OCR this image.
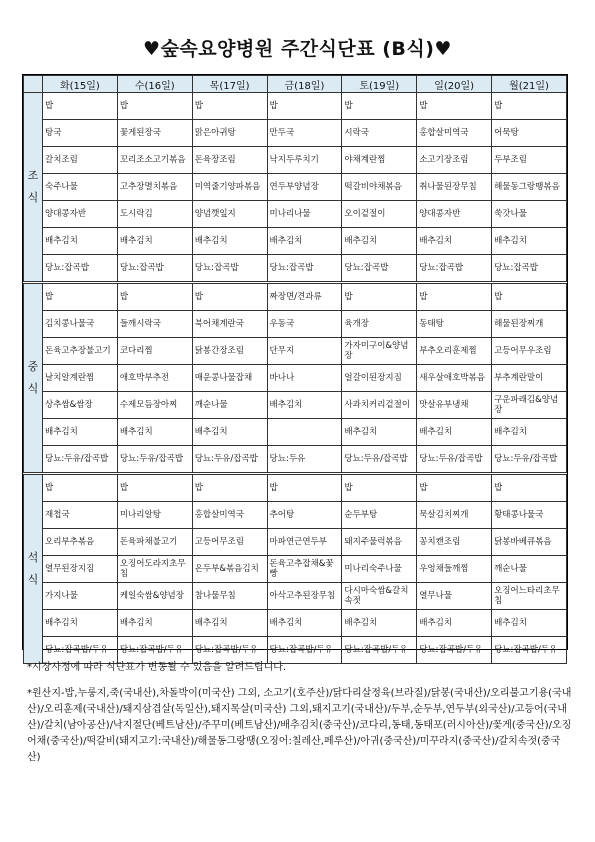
♥숲속요양병원 주간식단표 (B식)♥
	화(15일)	수(16일)	목(17일)	금(18일)	토(19일)	일(20일)	월(21일)

조
식	밥	밥	밥	밥	밥	밥	밥
	탕국	꽃게된장국	맑은아귀탕	만두국	시락국	홍합살미역국	어묵탕
	갈치조림	꼬리조소고기볶음	돈육장조림	낙지두루치기	야채계란찜	소고기장조림	두부조림
	숙주나물	고추장멸치볶음	미역줄기양파볶음	연두부양념장	떡갈비야채볶음	취나물된장무침	해물동그랑땡볶음
	양대콩자반	도시락김	양념깻잎지	미나리나물	오이겉절이	양대콩자반	쑥갓나물
	배추김치	배추김치	배추김치	배추김치	배추김치	배추김치	배추김치
	당뇨:잡곡밥	당뇨:잡곡밥	당뇨:잡곡밥	당뇨:잡곡밥	당뇨:잡곡밥	당뇨:잡곡밥	당뇨:잡곡밥

중
식	밥	밥	밥	짜장면/견과류	밥	밥	밥
	김치콩나물국	들깨시락국	북어채계란국	우동국	육개장	동태탕	해물된장찌개
	돈육고추장불고기	코다리찜	닭봉간장조림	단무지	가자미구이&양념장	부추오리훈제찜	고등어무우조림
	날치알계란찜	애호박부추전	매운콩나물잡채	바나나	얼갈이된장지짐	새우살애호박볶음	부추계란말이
	상추쌈&쌈장	수제모듬장아찌	깨순나물	배추김치	사과치커리겉절이	맛살유부냉채	구운파래김&양념장
	배추김치	배추김치	배추김치		배추김치	배추김치	배추김치
	당뇨:두유/잡곡밥	당뇨:두유/잡곡밥	당뇨:두유/잡곡밥	당뇨:두유	당뇨:두유/잡곡밥	당뇨:두유/잡곡밥	당뇨:두유/잡곡밥

석
식	밥	밥	밥	밥	밥	밥	밥
	재첩국	미나리알탕	홍합살미역국	추어탕	순두부탕	묵살김치찌개	황태콩나물국
	오리부추볶음	돈육파채불고기	고등어무조림	마파연근연두부	돼지주물럭볶음	꽁치캔조림	닭봉바베큐볶음
	열무된장지짐	오징어도라지초무침	온두부&볶음김치	돈육고추잡채&꽃빵	미나리숙주나물	우엉채들깨찜	깨순나물
	가지나물	케일숙쌈&양념장	참나물무침	아삭고추된장무침	다시마숙쌈&갈치속젓	열무나물	오징어느타리초무침
	배추김치	배추김치	배추김치	배추김치	배추김치	배추김치	배추김치
	당뇨:잡곡밥/두유	당뇨:잡곡밥/두유	당뇨:잡곡밥/두유	당뇨:잡곡밥/두유	당뇨:잡곡밥/두유	당뇨:잡곡밥/두유	당뇨:잡곡밥/두유

*시장사정에 따라 식단표가 변동될 수 있음을 알려드립니다.

*원산지-밥,누룽지,죽(국내산),차돌박이(미국산) 그외, 소고기(호주산)/닭다리살정육(브라질)/닭봉(국내산)/오리불고기용(국내산)/오리훈제(국내산)/돼지삼겹살(독일산),돼지목살(미국산) 그외,돼지고기(국내산)/두부,순두부,연두부(외국산)/고등어(국내산)/갈치(남아공산)/낙지절단(베트남산)/주꾸미(베트남산)/배추김치(중국산)/코다리,동태,동태포(러시아산)/꽃게(중국산)/오징어채(중국산)/떡갈비(돼지고기:국내산)/해물동그랑땡(오징어:칠레산,페루산)/아귀(중국산)/미꾸라지(중국산)/갈치속젓(중국산)
